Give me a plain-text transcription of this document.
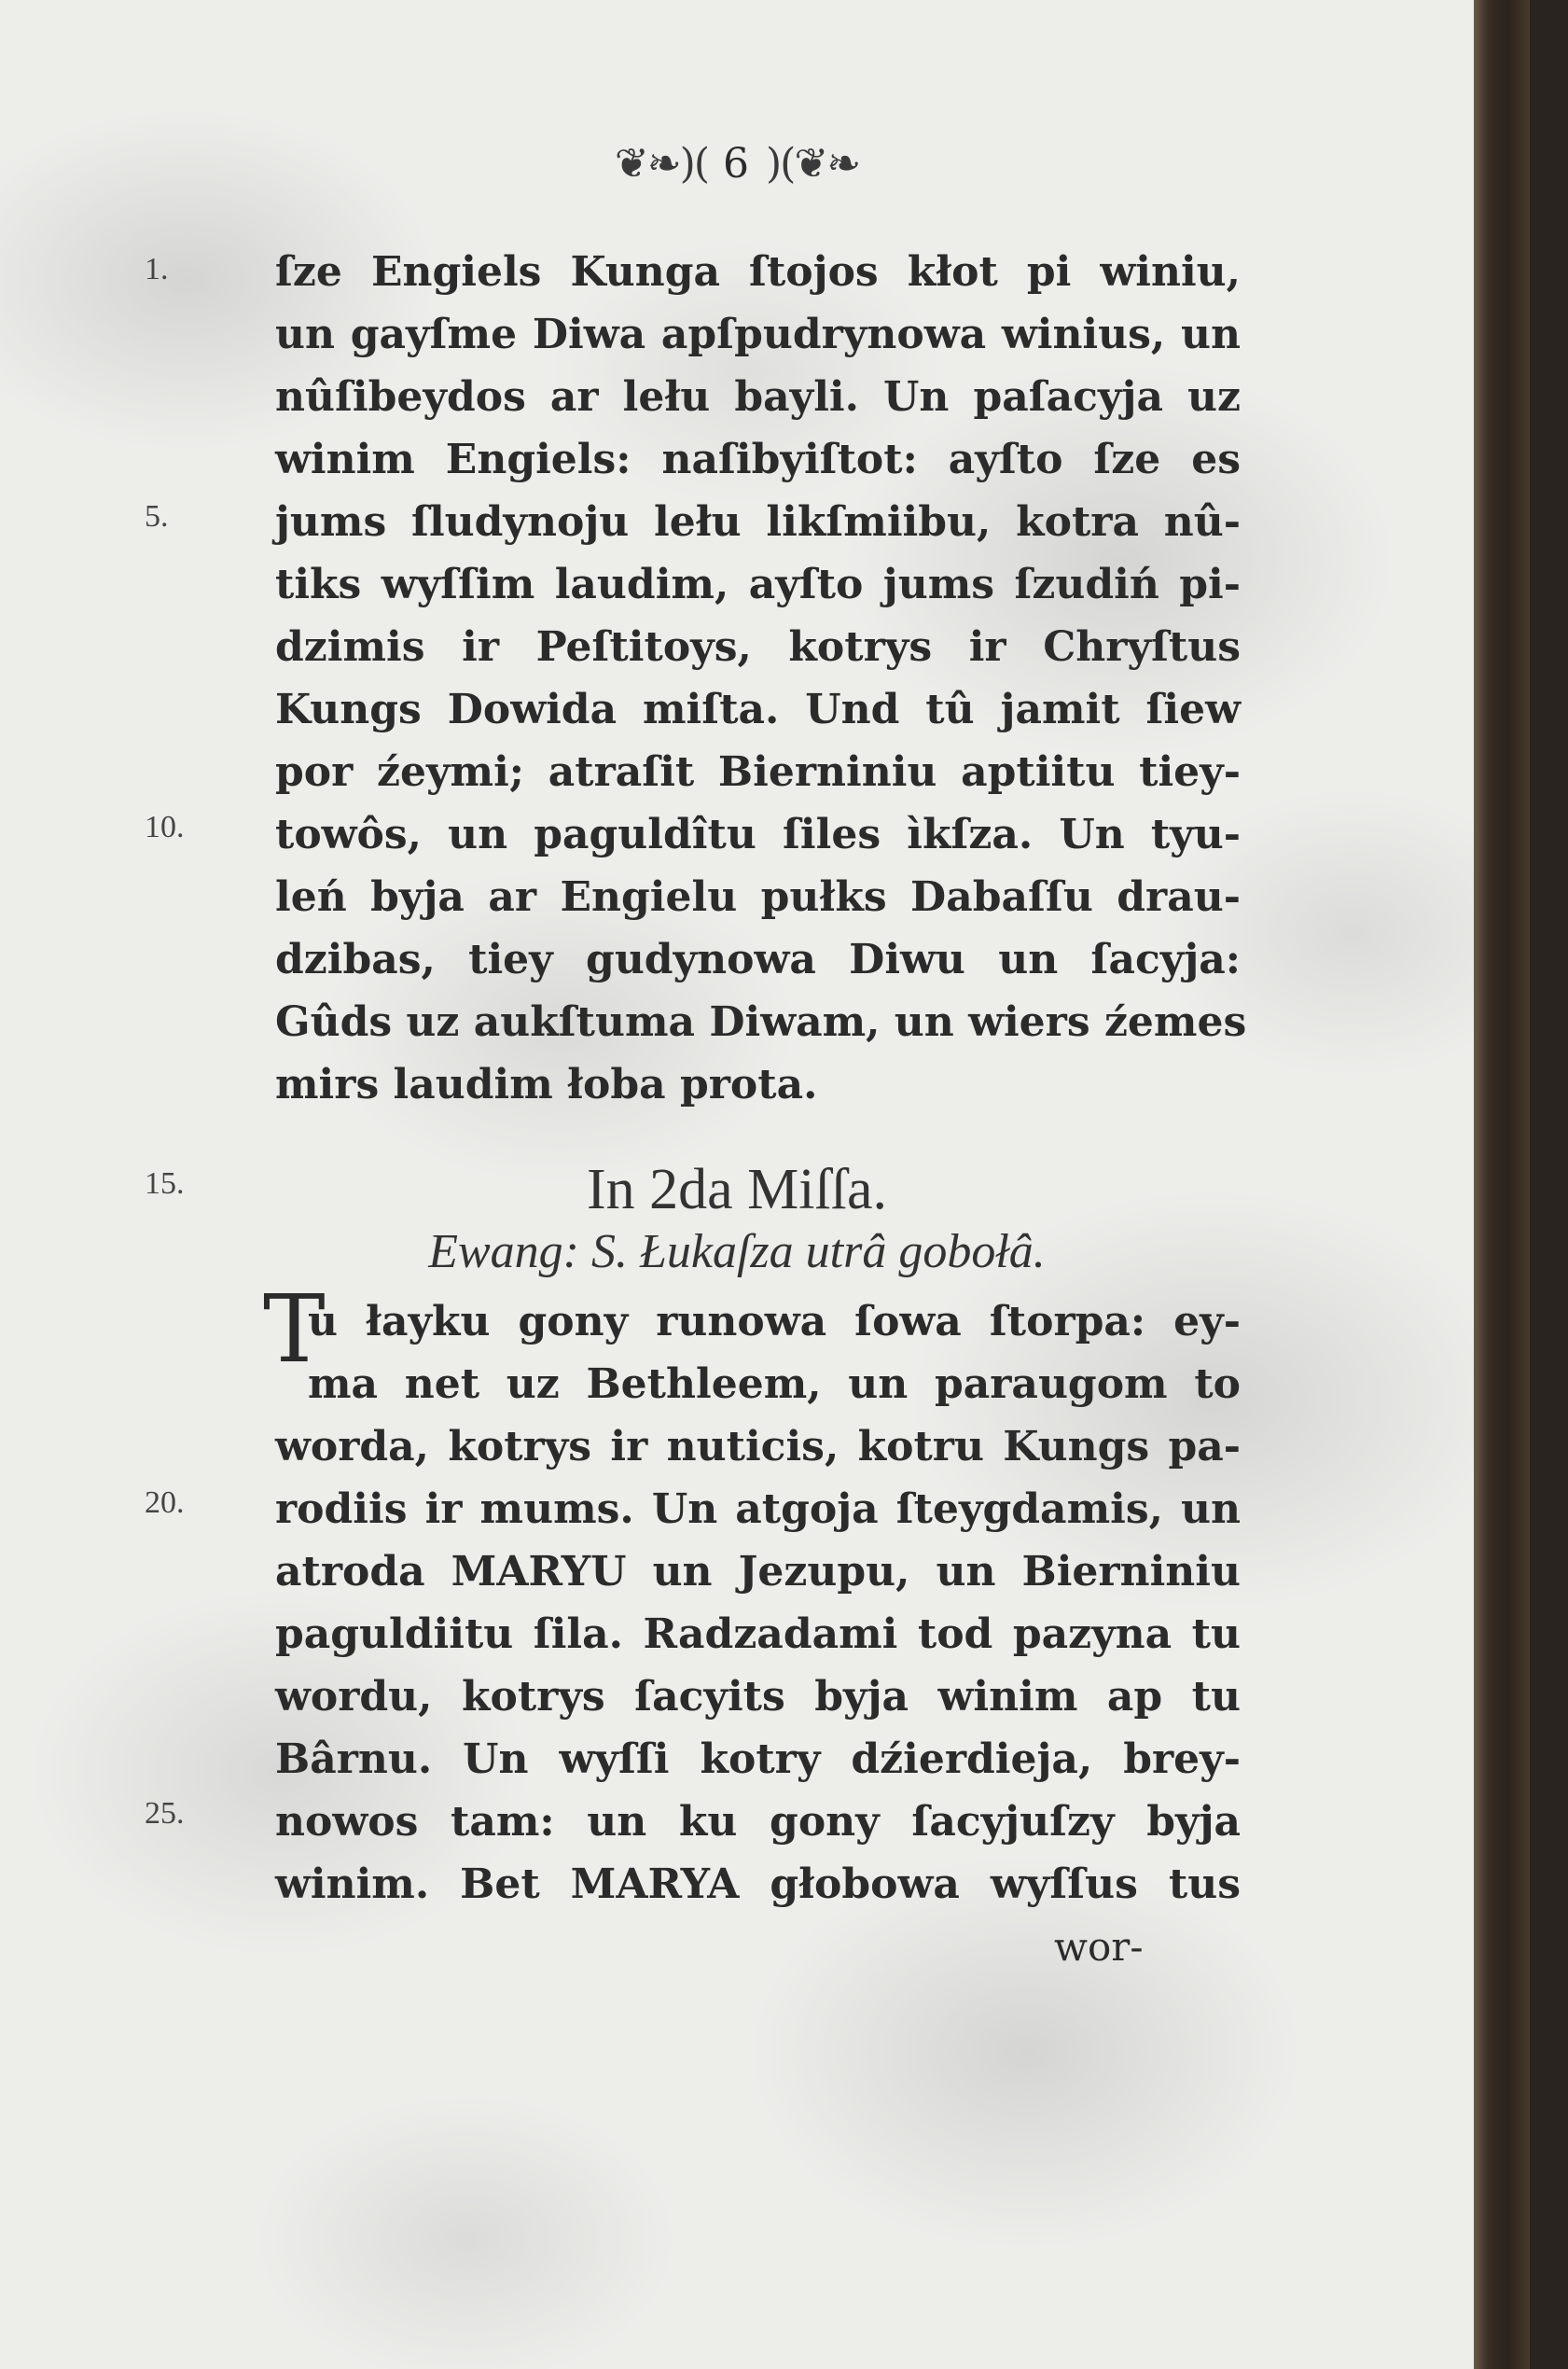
❦❧)( 6 )(❦❧
1.
5.
10.
15.
20.
25.
ſze Engiels Kunga ſtojos kłot pi winiu,
un gayſme Diwa apſpudrynowa winius, un
nûſibeydos ar lełu bayli. Un paſacyja uz
winim Engiels: naſibyiſtot: ayſto ſze es
jums ſludynoju lełu likſmiibu, kotra nû-
tiks wyſſim laudim, ayſto jums ſzudiń pi-
dzimis ir Peſtitoys, kotrys ir Chryſtus
Kungs Dowida miſta. Und tû jamit ſiew
por źeymi; atraſit Bierniniu aptiitu tiey-
towôs, un paguldîtu ſiles ìkſza. Un tyu-
leń byja ar Engielu pułks Dabaſſu drau-
dzibas, tiey gudynowa Diwu un ſacyja:
Gûds uz aukſtuma Diwam, un wiers źemes
mirs laudim łoba prota.
In 2da Miſſa.
Ewang: S. Łukaſza utrâ gobołâ.
T
u łayku gony runowa ſowa ſtorpa: ey-
ma net uz Bethleem, un paraugom to
worda, kotrys ir nuticis, kotru Kungs pa-
rodiis ir mums. Un atgoja ſteygdamis, un
atroda MARYU un Jezupu, un Bierniniu
paguldiitu ſila. Radzadami tod pazyna tu
wordu, kotrys ſacyits byja winim ap tu
Bârnu. Un wyſſi kotry dźierdieja, brey-
nowos tam: un ku gony ſacyjuſzy byja
winim. Bet MARYA głobowa wyſſus tus
wor-
